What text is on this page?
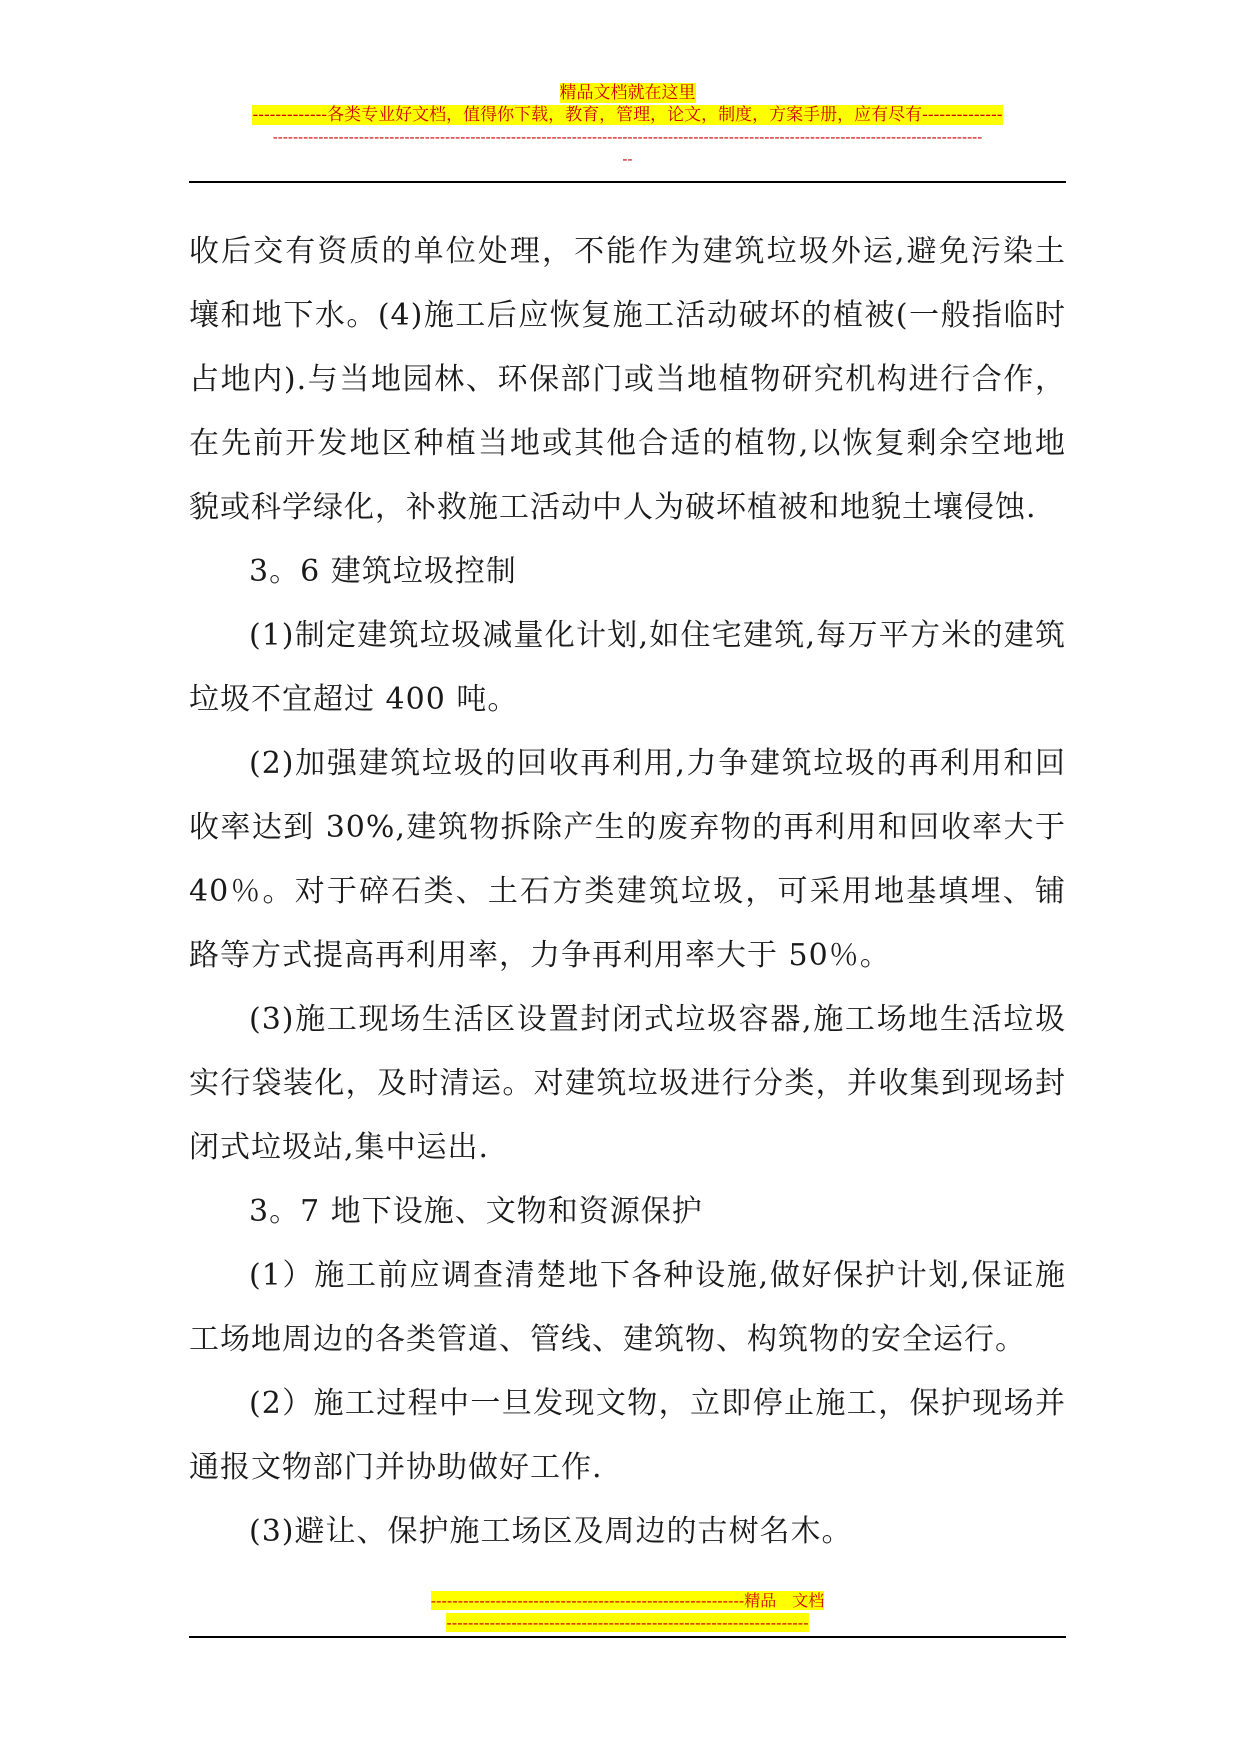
精品文档就在这里
-------------各类专业好文档，值得你下载，教育，管理，论文，制度，方案手册，应有尽有--------------
--------------------------------------------------------------------------------------------------------------------------------------------
--

收后交有资质的单位处理，不能作为建筑垃圾外运,避免污染土壤和地下水。(4)施工后应恢复施工活动破坏的植被(一般指临时占地内).与当地园林、环保部门或当地植物研究机构进行合作，在先前开发地区种植当地或其他合适的植物,以恢复剩余空地地貌或科学绿化，补救施工活动中人为破坏植被和地貌土壤侵蚀.

3。6 建筑垃圾控制

(1)制定建筑垃圾减量化计划,如住宅建筑,每万平方米的建筑垃圾不宜超过 400 吨。

(2)加强建筑垃圾的回收再利用,力争建筑垃圾的再利用和回收率达到 30%,建筑物拆除产生的废弃物的再利用和回收率大于 40％。对于碎石类、土石方类建筑垃圾，可采用地基填埋、铺路等方式提高再利用率，力争再利用率大于 50％。

(3)施工现场生活区设置封闭式垃圾容器,施工场地生活垃圾实行袋装化，及时清运。对建筑垃圾进行分类，并收集到现场封闭式垃圾站,集中运出.

3。7 地下设施、文物和资源保护

(1）施工前应调查清楚地下各种设施,做好保护计划,保证施工场地周边的各类管道、管线、建筑物、构筑物的安全运行。

(2）施工过程中一旦发现文物，立即停止施工，保护现场并通报文物部门并协助做好工作.

(3)避让、保护施工场区及周边的古树名木。

----------------------------------------------------------精品　文档
-------------------------------------------------------------------
